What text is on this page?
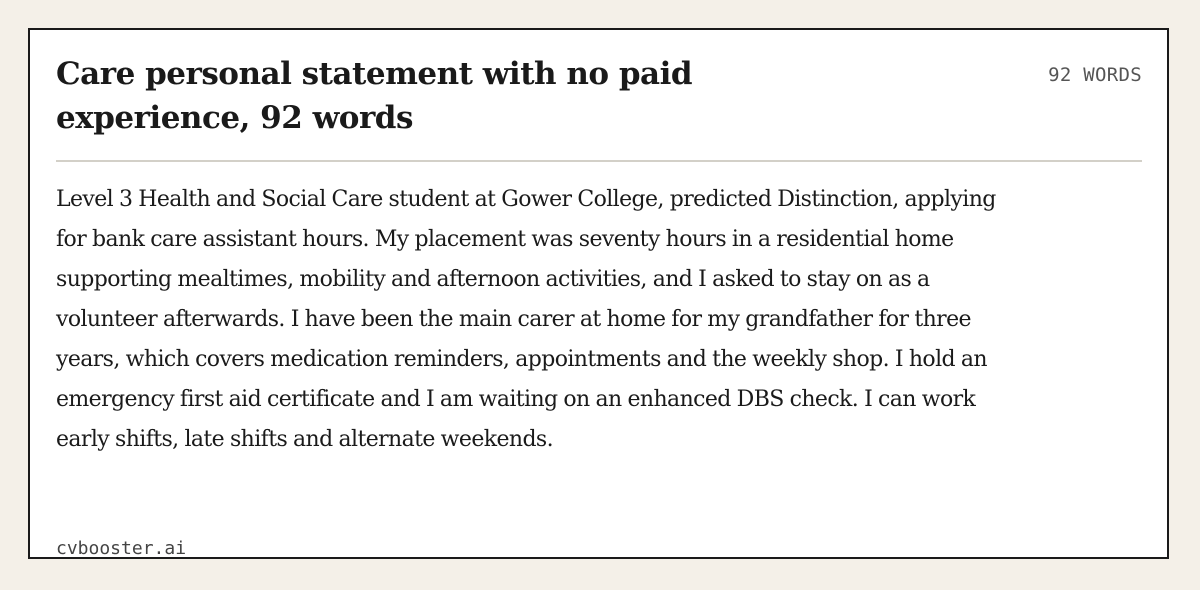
Care personal statement with no paid experience, 92 words
92 WORDS

Level 3 Health and Social Care student at Gower College, predicted Distinction, applying for bank care assistant hours. My placement was seventy hours in a residential home supporting mealtimes, mobility and afternoon activities, and I asked to stay on as a volunteer afterwards. I have been the main carer at home for my grandfather for three years, which covers medication reminders, appointments and the weekly shop. I hold an emergency first aid certificate and I am waiting on an enhanced DBS check. I can work early shifts, late shifts and alternate weekends.

cvbooster.ai
